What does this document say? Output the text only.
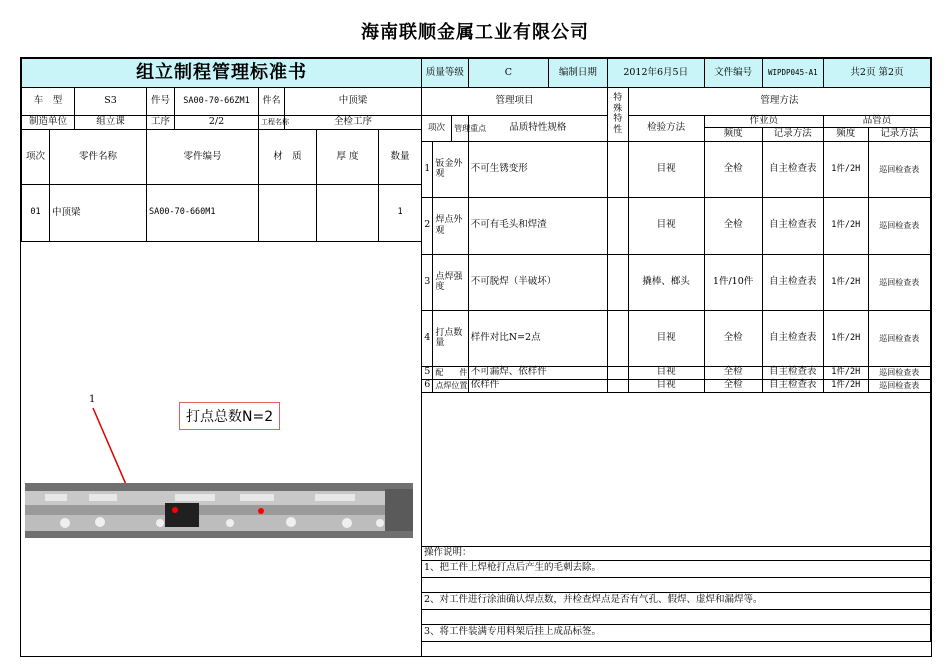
海南联顺金属工业有限公司
组立制程管理标准书								
车　型		S3	件号	SA00-70-66ZM1	件名	中顶梁		
制造单位		组立课	工序	2/2	工程名称	全检工序		
项次	零件名称		零件编号		材　质		厚 度	数量
01	中顶梁		SA00-70-660M1					1
1
打点总数N=2
质量等级			C 编制日期	2012年6月5日		文件编号	WIPDP045-A1	共2页 第2页	
管理项目				特殊特性	管理方法				
项次		管理重点	品质特性规格		检验方法	作业员		品管员	
						频度	记录方法	频度	记录方法
1	钣金外观		不可生锈变形		目视	全检	自主检查表	1件/2H	巡回检查表
2	焊点外观		不可有毛头和焊渣		目视	全检	自主检查表	1件/2H	巡回检查表
3	点焊强度		不可脱焊（半破坏）		撬棒、榔头	1件/10件	自主检查表	1件/2H	巡回检查表
4	打点数量		样件对比N=2点		目视	全检	自主检查表	1件/2H	巡回检查表
5	配　　件		不可漏焊、依样件		目视	全检	自主检查表	1件/2H	巡回检查表
6	点焊位置		依样件		目视	全检	自主检查表	1件/2H	巡回检查表

操作说明：									
1、把工件上焊枪打点后产生的毛刺去除。									

2、对工件进行涂油确认焊点数，并检查焊点是否有气孔、假焊、虚焊和漏焊等。									

3、将工件装满专用料架后挂上成品标签。									
